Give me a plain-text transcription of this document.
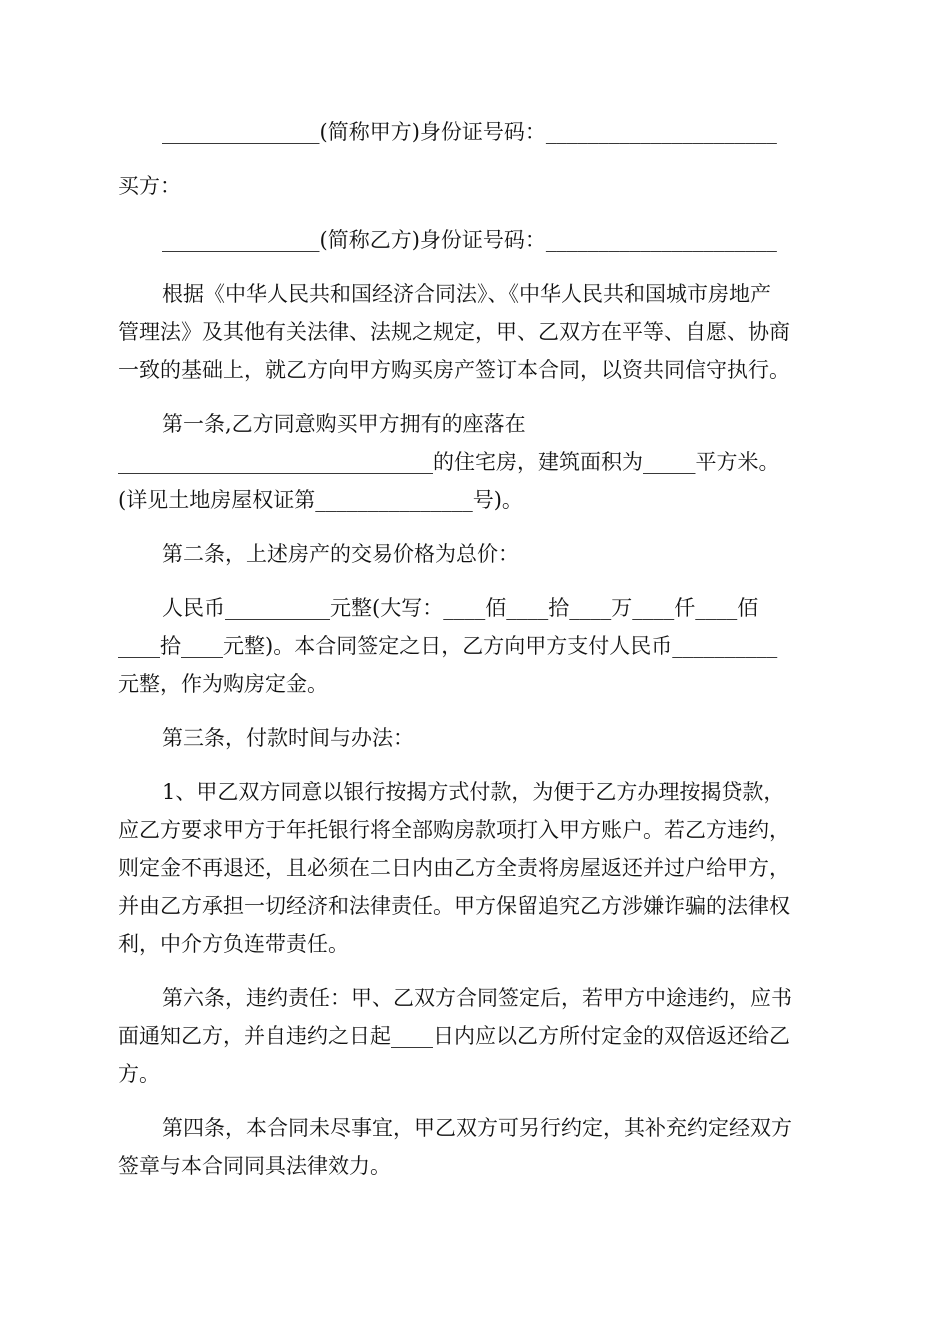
_______________(简称甲方)身份证号码：______________________
买方：
_______________(简称乙方)身份证号码：______________________
根据《中华人民共和国经济合同法》、《中华人民共和国城市房地产
管理法》及其他有关法律、法规之规定，甲、乙双方在平等、自愿、协商
一致的基础上，就乙方向甲方购买房产签订本合同，以资共同信守执行。
第一条,乙方同意购买甲方拥有的座落在
______________________________的住宅房，建筑面积为_____平方米。
(详见土地房屋权证第_______________号)。
第二条，上述房产的交易价格为总价：
人民币__________元整(大写：____佰____拾____万____仟____佰
____拾____元整)。本合同签定之日，乙方向甲方支付人民币__________
元整，作为购房定金。
第三条，付款时间与办法：
1、甲乙双方同意以银行按揭方式付款，为便于乙方办理按揭贷款，
应乙方要求甲方于年托银行将全部购房款项打入甲方账户。若乙方违约，
则定金不再退还，且必须在二日内由乙方全责将房屋返还并过户给甲方，
并由乙方承担一切经济和法律责任。甲方保留追究乙方涉嫌诈骗的法律权
利，中介方负连带责任。
第六条，违约责任：甲、乙双方合同签定后，若甲方中途违约，应书
面通知乙方，并自违约之日起____日内应以乙方所付定金的双倍返还给乙
方。
第四条，本合同未尽事宜，甲乙双方可另行约定，其补充约定经双方
签章与本合同同具法律效力。
